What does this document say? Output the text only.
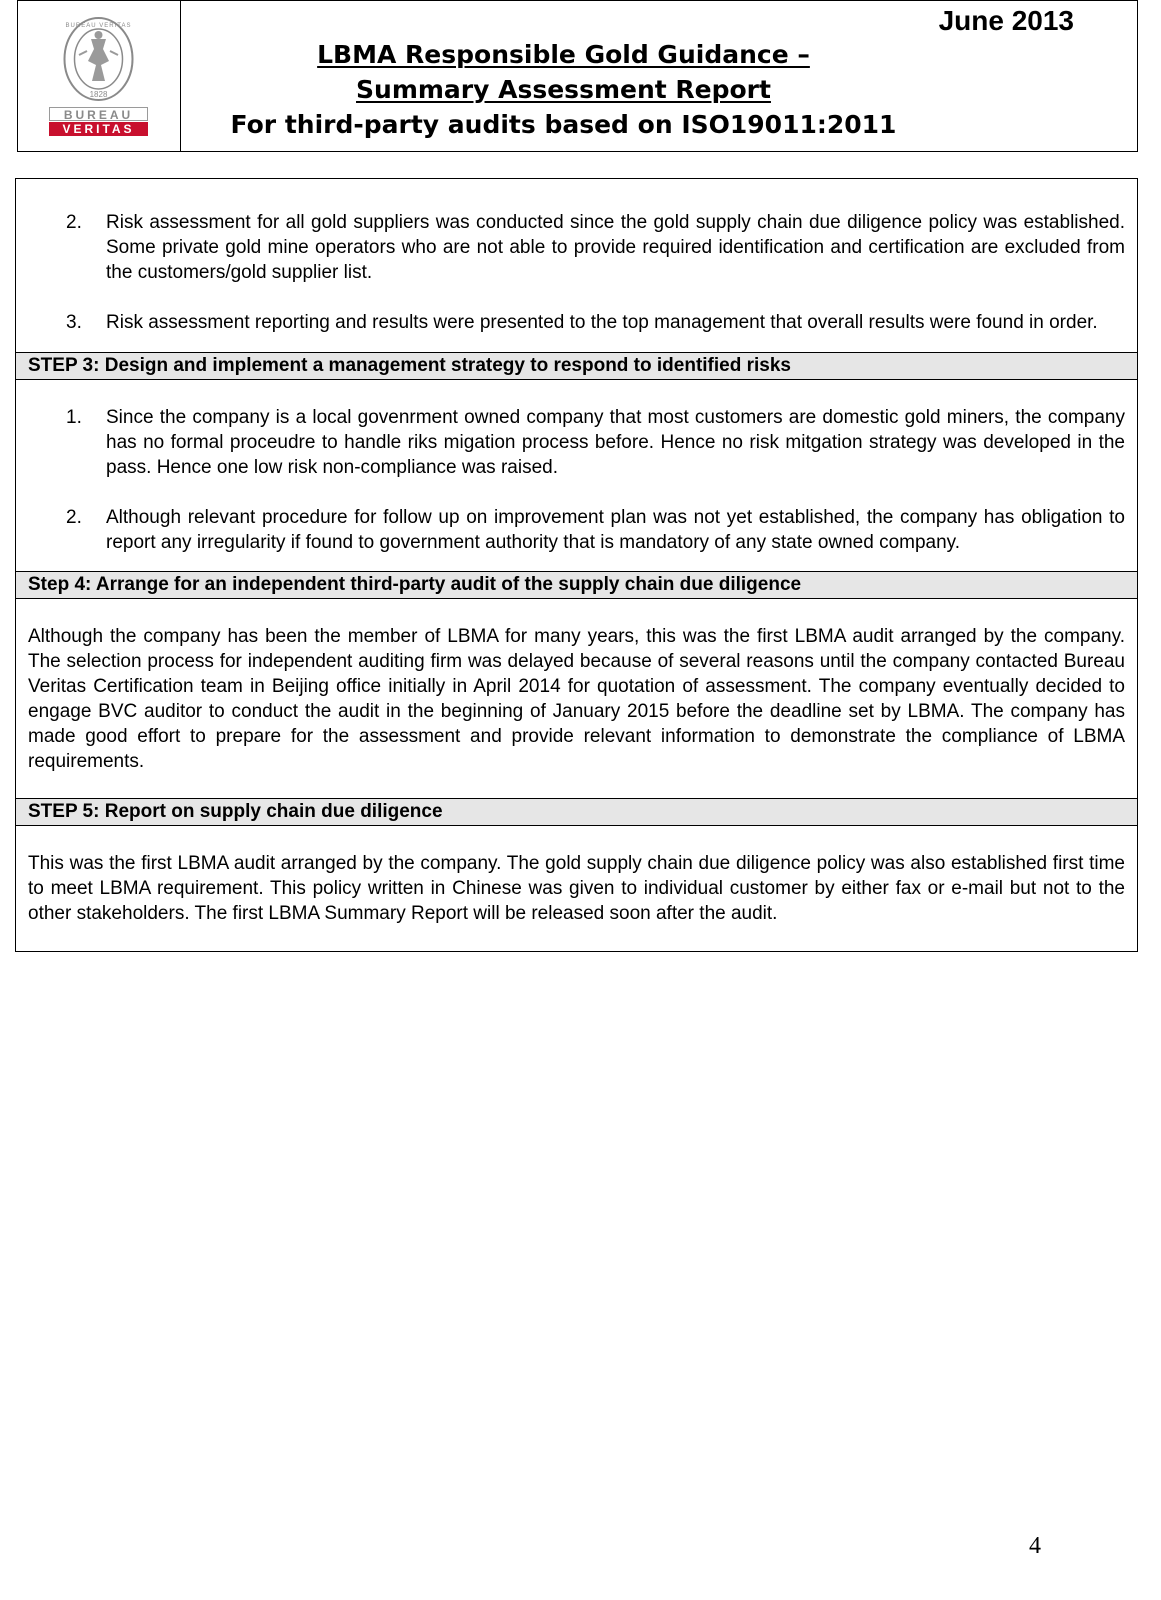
1828
BUREAU VERITAS
BUREAU
VERITAS
June 2013
LBMA Responsible Gold Guidance –
Summary Assessment Report
For third-party audits based on ISO19011:2011
2. Risk assessment for all gold suppliers was conducted since the gold supply chain due diligence policy was established. Some private gold mine operators who are not able to provide required identification and certification are excluded from the customers/gold supplier list.
3. Risk assessment reporting and results were presented to the top management that overall results were found in order.
STEP 3: Design and implement a management strategy to respond to identified risks
1. Since the company is a local govenrment owned company that most customers are domestic gold miners, the company has no formal proceudre to handle riks migation process before. Hence no risk mitgation strategy was developed in the pass. Hence one low risk non-compliance was raised.
2. Although relevant procedure for follow up on improvement plan was not yet established, the company has obligation to report any irregularity if found to government authority that is mandatory of any state owned company.
Step 4: Arrange for an independent third-party audit of the supply chain due diligence

Although the company has been the member of LBMA for many years, this was the first LBMA audit arranged by the company. The selection process for independent auditing firm was delayed because of several reasons until the company contacted Bureau Veritas Certification team in Beijing office initially in April 2014 for quotation of assessment. The company eventually decided to engage BVC auditor to conduct the audit in the beginning of January 2015 before the deadline set by LBMA. The company has made good effort to prepare for the assessment and provide relevant information to demonstrate the compliance of LBMA requirements.

STEP 5: Report on supply chain due diligence

This was the first LBMA audit arranged by the company. The gold supply chain due diligence policy was also established first time to meet LBMA requirement. This policy written in Chinese was given to individual customer by either fax or e-mail but not to the other stakeholders. The first LBMA Summary Report will be released soon after the audit.

4
